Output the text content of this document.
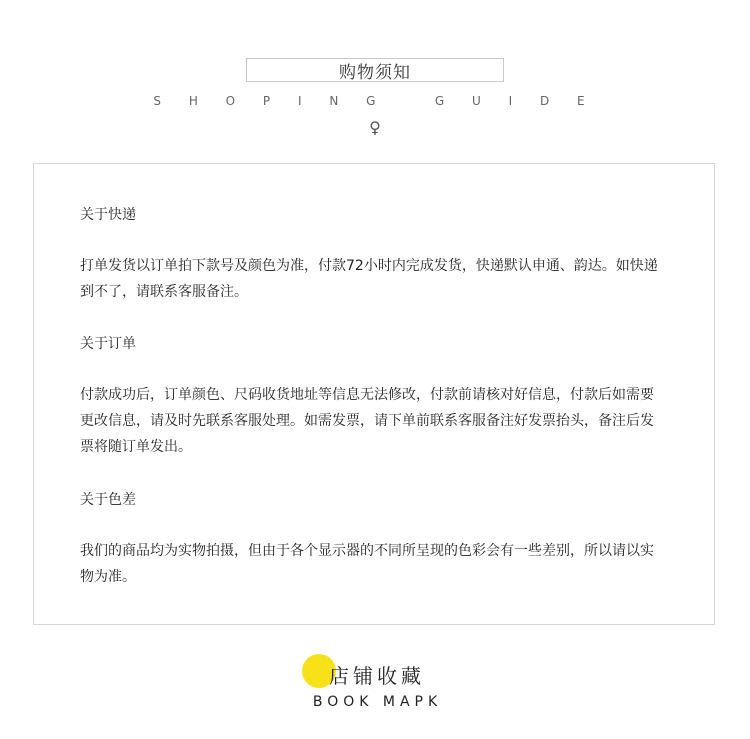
购物须知
S H O P I N G   G U I D E
♀
关于快递
打单发货以订单拍下款号及颜色为准，付款72小时内完成发货，快递默认申通、韵达。如快递
到不了，请联系客服备注。
关于订单
付款成功后，订单颜色、尺码收货地址等信息无法修改，付款前请核对好信息，付款后如需要
更改信息，请及时先联系客服处理。如需发票，请下单前联系客服备注好发票抬头，备注后发
票将随订单发出。
关于色差
我们的商品均为实物拍摄，但由于各个显示器的不同所呈现的色彩会有一些差别，所以请以实
物为准。
店铺收藏
BOOK MAPK
